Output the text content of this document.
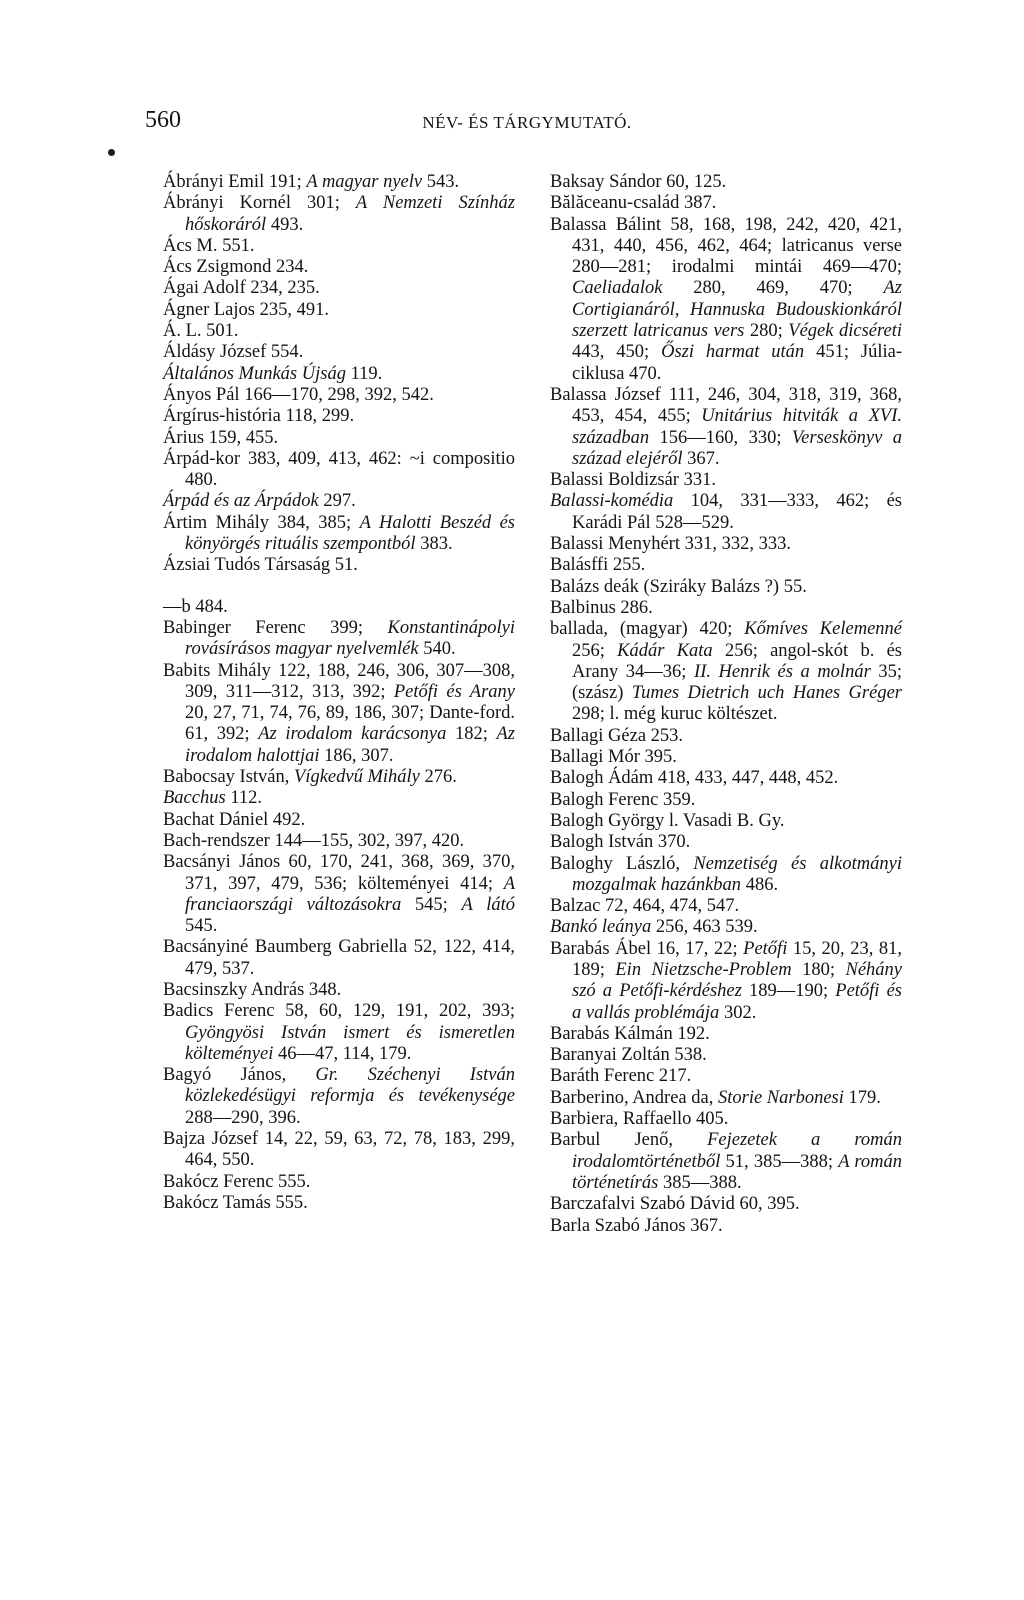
560	NÉV- ÉS TÁRGYMUTATÓ.

Ábrányi Emil 191; A magyar nyelv 543.

Ábrányi Kornél 301; A Nemzeti Színház hőskoráról 493.

Ács M. 551.

Ács Zsigmond 234.

Ágai Adolf 234, 235.

Ágner Lajos 235, 491.

Á. L. 501.

Áldásy József 554.

Általános Munkás Újság 119.

Ányos Pál 166—170, 298, 392, 542.

Árgírus-história 118, 299.

Árius 159, 455.

Árpád-kor 383, 409, 413, 462: ~i compositio 480.

Árpád és az Árpádok 297.

Ártim Mihály 384, 385; A Halotti Beszéd és könyörgés rituális szempontból 383.

Ázsiai Tudós Társaság 51.

—b 484.

Babinger Ferenc 399; Konstantinápolyi rovásírásos magyar nyelvemlék 540.

Babits Mihály 122, 188, 246, 306, 307—308, 309, 311—312, 313, 392; Petőfi és Arany 20, 27, 71, 74, 76, 89, 186, 307; Dante-ford. 61, 392; Az irodalom karácsonya 182; Az irodalom halottjai 186, 307.

Babocsay István, Vígkedvű Mihály 276.

Bacchus 112.

Bachat Dániel 492.

Bach-rendszer 144—155, 302, 397, 420.

Bacsányi János 60, 170, 241, 368, 369, 370, 371, 397, 479, 536; költeményei 414; A franciaországi változásokra 545; A látó 545.

Bacsányiné Baumberg Gabriella 52, 122, 414, 479, 537.

Bacsinszky András 348.

Badics Ferenc 58, 60, 129, 191, 202, 393; Gyöngyösi István ismert és ismeretlen költeményei 46—47, 114, 179.

Bagyó János, Gr. Széchenyi István közlekedésügyi reformja és tevékenysége 288—290, 396.

Bajza József 14, 22, 59, 63, 72, 78, 183, 299, 464, 550.

Bakócz Ferenc 555.

Bakócz Tamás 555.

Baksay Sándor 60, 125.

Bălăceanu-család 387.

Balassa Bálint 58, 168, 198, 242, 420, 421, 431, 440, 456, 462, 464; latricanus verse 280—281; irodalmi mintái 469—470; Caeliadalok 280, 469, 470; Az Cortigianáról, Hannuska Budouskionkáról szerzett latricanus vers 280; Végek dicséreti 443, 450; Őszi harmat után 451; Júlia-ciklusa 470.

Balassa József 111, 246, 304, 318, 319, 368, 453, 454, 455; Unitárius hitviták a XVI. században 156—160, 330; Verseskönyv a század elejéről 367.

Balassi Boldizsár 331.

Balassi-komédia 104, 331—333, 462; és Karádi Pál 528—529.

Balassi Menyhért 331, 332, 333.

Balásffi 255.

Balázs deák (Sziráky Balázs ?) 55.

Balbinus 286.

ballada, (magyar) 420; Kőmíves Kelemenné 256; Kádár Kata 256; angol-skót b. és Arany 34—36; II. Henrik és a molnár 35; (szász) Tumes Dietrich uch Hanes Gréger 298; l. még kuruc költészet.

Ballagi Géza 253.

Ballagi Mór 395.

Balogh Ádám 418, 433, 447, 448, 452.

Balogh Ferenc 359.

Balogh György l. Vasadi B. Gy.

Balogh István 370.

Baloghy László, Nemzetiség és alkotmányi mozgalmak hazánkban 486.

Balzac 72, 464, 474, 547.

Bankó leánya 256, 463 539.

Barabás Ábel 16, 17, 22; Petőfi 15, 20, 23, 81, 189; Ein Nietzsche-Problem 180; Néhány szó a Petőfi-kérdéshez 189—190; Petőfi és a vallás problémája 302.

Barabás Kálmán 192.

Baranyai Zoltán 538.

Baráth Ferenc 217.

Barberino, Andrea da, Storie Narbonesi 179.

Barbiera, Raffaello 405.

Barbul Jenő, Fejezetek a román irodalomtörténetből 51, 385—388; A román történetírás 385—388.

Barczafalvi Szabó Dávid 60, 395.

Barla Szabó János 367.
